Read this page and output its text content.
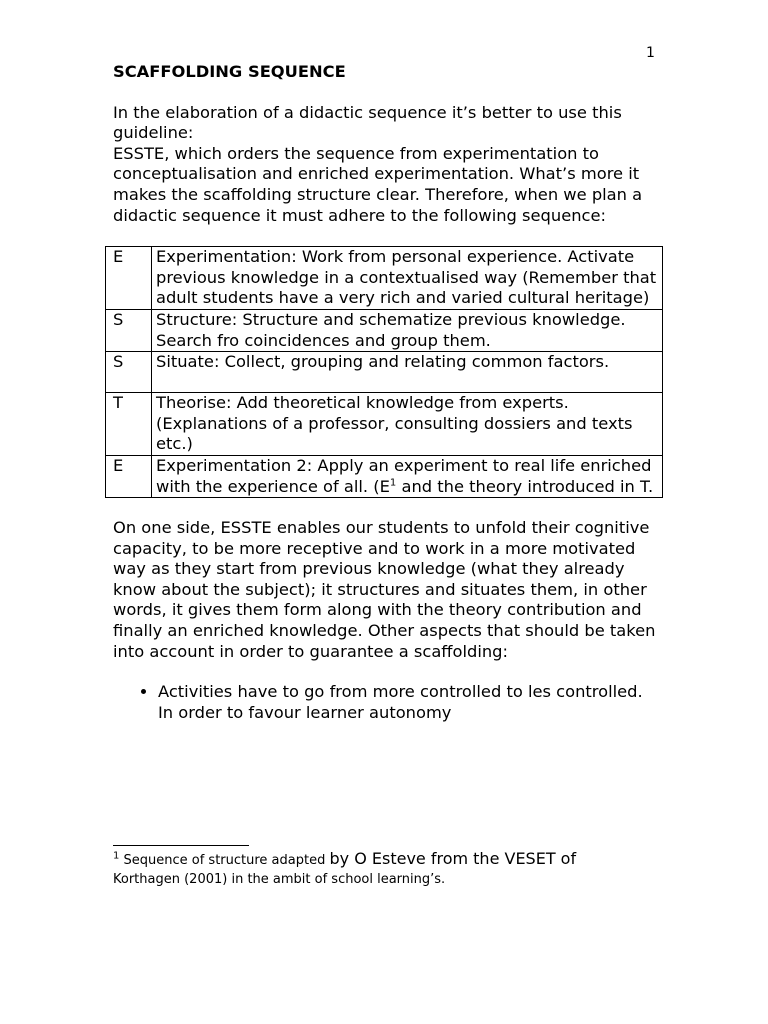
1

SCAFFOLDING SEQUENCE

In the elaboration of a didactic sequence it’s better to use this guideline:

ESSTE, which orders the sequence from experimentation to conceptualisation and enriched experimentation. What’s more it makes the scaffolding structure clear. Therefore, when we plan a didactic sequence it must adhere to the following sequence:

E	Experimentation: Work from personal experience. Activate previous knowledge in a contextualised way (Remember that adult students have a very rich and varied cultural heritage)
S	Structure: Structure and schematize previous knowledge. Search fro coincidences and group them.
S	Situate: Collect, grouping and relating common factors.
T	Theorise: Add theoretical knowledge from experts. (Explanations of a professor, consulting dossiers and texts etc.)
E	Experimentation 2: Apply an experiment to real life enriched with the experience of all. ($E^1$ and the theory introduced in T.

On one side, ESSTE enables our students to unfold their cognitive capacity, to be more receptive and to work in a more motivated way as they start from previous knowledge (what they already know about the subject); it structures and situates them, in other words, it gives them form along with the theory contribution and finally an enriched knowledge. Other aspects that should be taken into account in order to guarantee a scaffolding:

• Activities have to go from more controlled to les controlled.
In order to favour learner autonomy
$^1$ Sequence of structure adapted by O Esteve from the VESET of
Korthagen (2001) in the ambit of school learning’s.
